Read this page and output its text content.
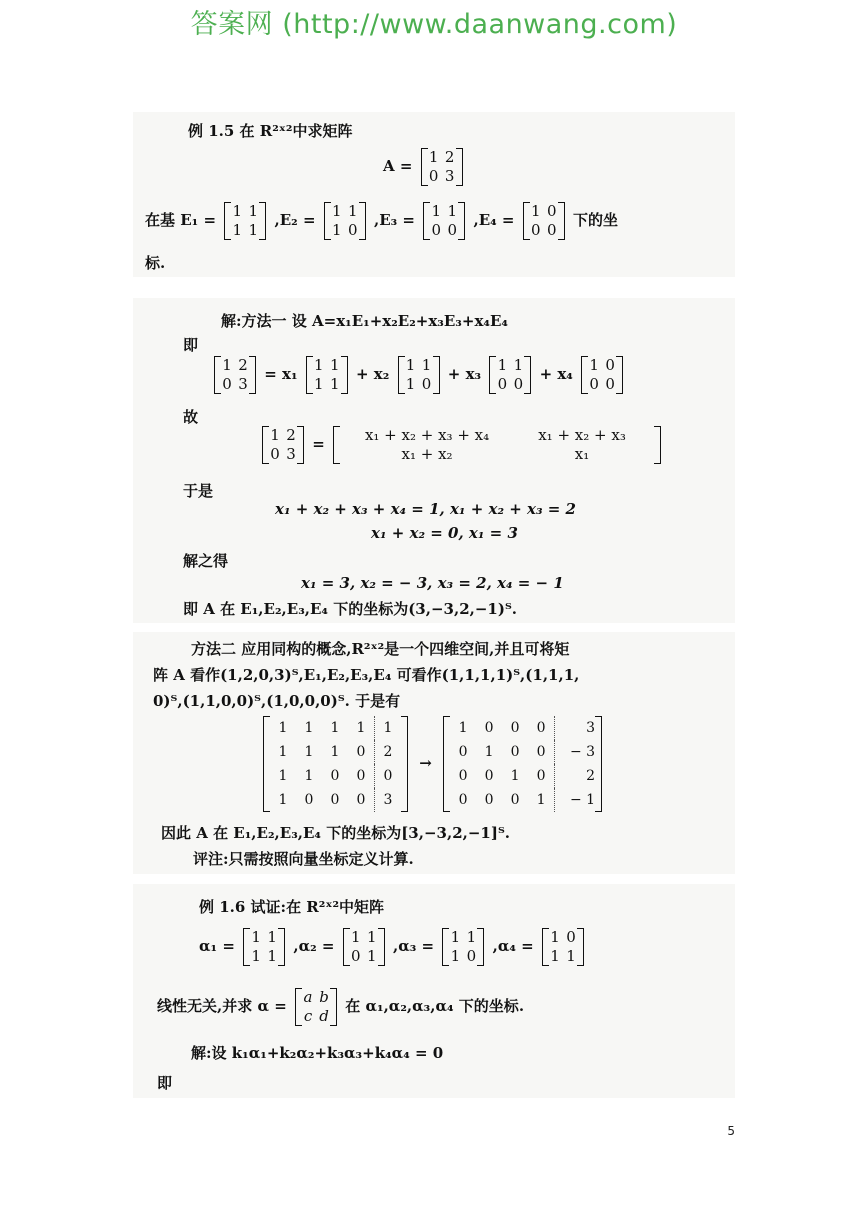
答案网 (http://www.daanwang.com)
例 1.5 在 R²ˣ²中求矩阵
A = 1 2
0 3
在基 E₁ = 1 1
1 1
,E₂ = 1 1
1 0
,E₃ = 1 1
0 0
,E₄ = 1 0
0 0
下的坐
标.
解:方法一 设 A=x₁E₁+x₂E₂+x₃E₃+x₄E₄
即
1 2
0 3
= x₁ 1 1
1 1
+ x₂ 1 1
1 0
+ x₃ 1 1
0 0
+ x₄ 1 0
0 0
故
1 2
0 3
=	x₁ + x₂ + x₃ + x₄	x₁ + x₂ + x₃
x₁ + x₂	x₁
于是
x₁ + x₂ + x₃ + x₄ = 1, x₁ + x₂ + x₃ = 2
x₁ + x₂ = 0, x₁ = 3
解之得
x₁ = 3, x₂ = − 3, x₃ = 2, x₄ = − 1
即 A 在 E₁,E₂,E₃,E₄ 下的坐标为(3,−3,2,−1)ᵀ.
方法二 应用同构的概念,R²ˣ²是一个四维空间,并且可将矩
阵 A 看作(1,2,0,3)ᵀ,E₁,E₂,E₃,E₄ 可看作(1,1,1,1)ᵀ,(1,1,1,
0)ᵀ,(1,1,0,0)ᵀ,(1,0,0,0)ᵀ. 于是有
1 1 1 1 1
1 1 1 0 2
1 1 0 0 0
1 0 0 0 3
→
1 0 0 0	3
0 1 0 0 − 3
0 0 1 0	2
0 0 0 1 − 1
因此 A 在 E₁,E₂,E₃,E₄ 下的坐标为[3,−3,2,−1]ᵀ.
评注:只需按照向量坐标定义计算.
例 1.6 试证:在 R²ˣ²中矩阵
α₁ = 1 1
1 1
,α₂ = 1 1
0 1
,α₃ = 1 1
1 0
,α₄ = 1 0
1 1
线性无关,并求 α = a b
c d
在 α₁,α₂,α₃,α₄ 下的坐标.
解:设 k₁α₁+k₂α₂+k₃α₃+k₄α₄ = 0
即
5
